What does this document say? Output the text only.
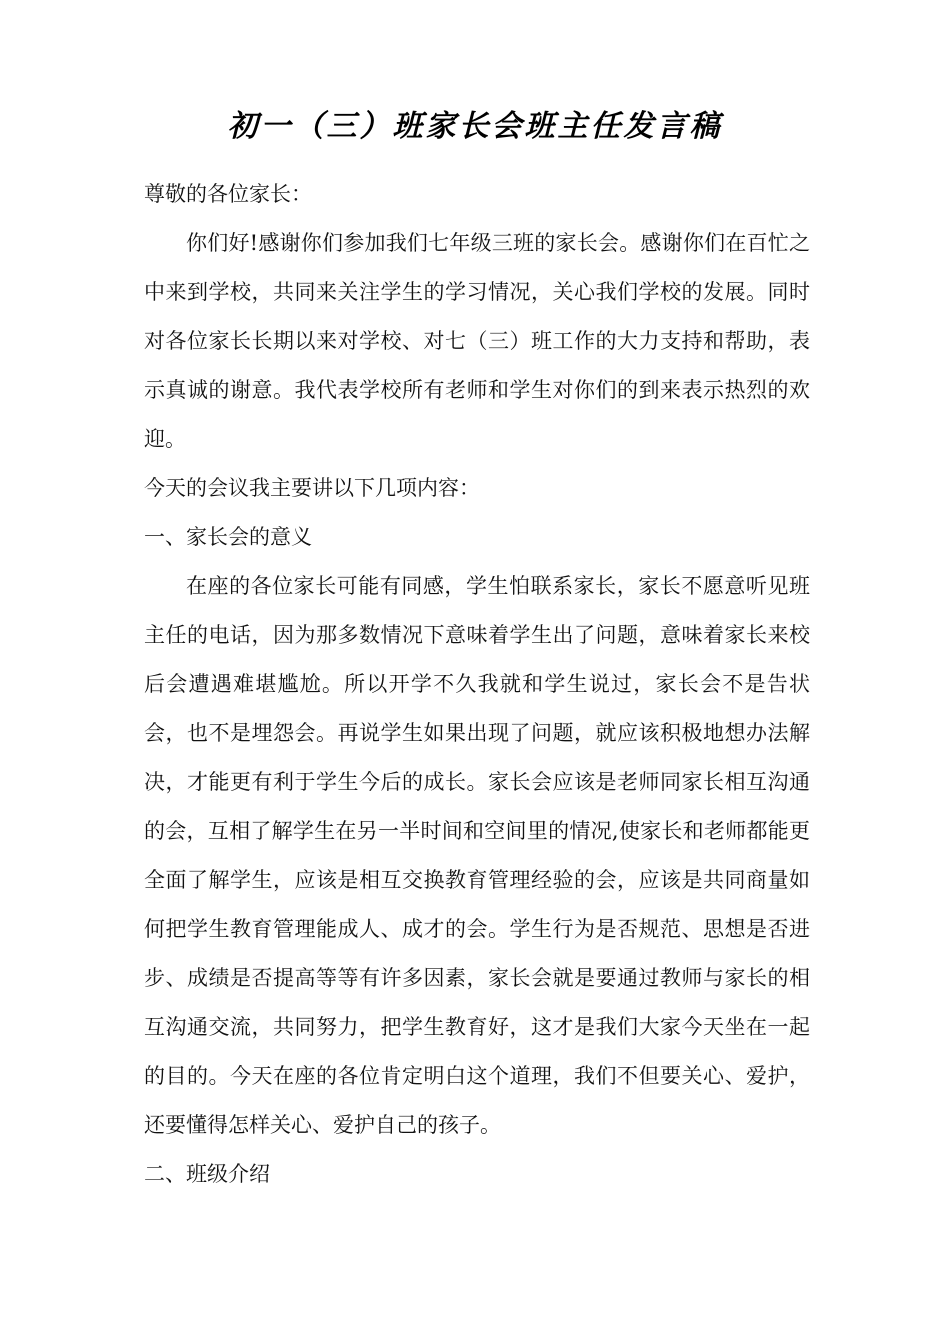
初一（三）班家长会班主任发言稿

尊敬的各位家长：

你们好!感谢你们参加我们七年级三班的家长会。感谢你们在百忙之中来到学校，共同来关注学生的学习情况，关心我们学校的发展。同时对各位家长长期以来对学校、对七（三）班工作的大力支持和帮助，表示真诚的谢意。我代表学校所有老师和学生对你们的到来表示热烈的欢迎。

今天的会议我主要讲以下几项内容：

一、家长会的意义

在座的各位家长可能有同感，学生怕联系家长，家长不愿意听见班主任的电话，因为那多数情况下意味着学生出了问题，意味着家长来校后会遭遇难堪尴尬。所以开学不久我就和学生说过，家长会不是告状会，也不是埋怨会。再说学生如果出现了问题，就应该积极地想办法解决，才能更有利于学生今后的成长。家长会应该是老师同家长相互沟通的会，互相了解学生在另一半时间和空间里的情况,使家长和老师都能更全面了解学生，应该是相互交换教育管理经验的会，应该是共同商量如何把学生教育管理能成人、成才的会。学生行为是否规范、思想是否进步、成绩是否提高等等有许多因素，家长会就是要通过教师与家长的相互沟通交流，共同努力，把学生教育好，这才是我们大家今天坐在一起的目的。今天在座的各位肯定明白这个道理，我们不但要关心、爱护，还要懂得怎样关心、爱护自己的孩子。

二、班级介绍
